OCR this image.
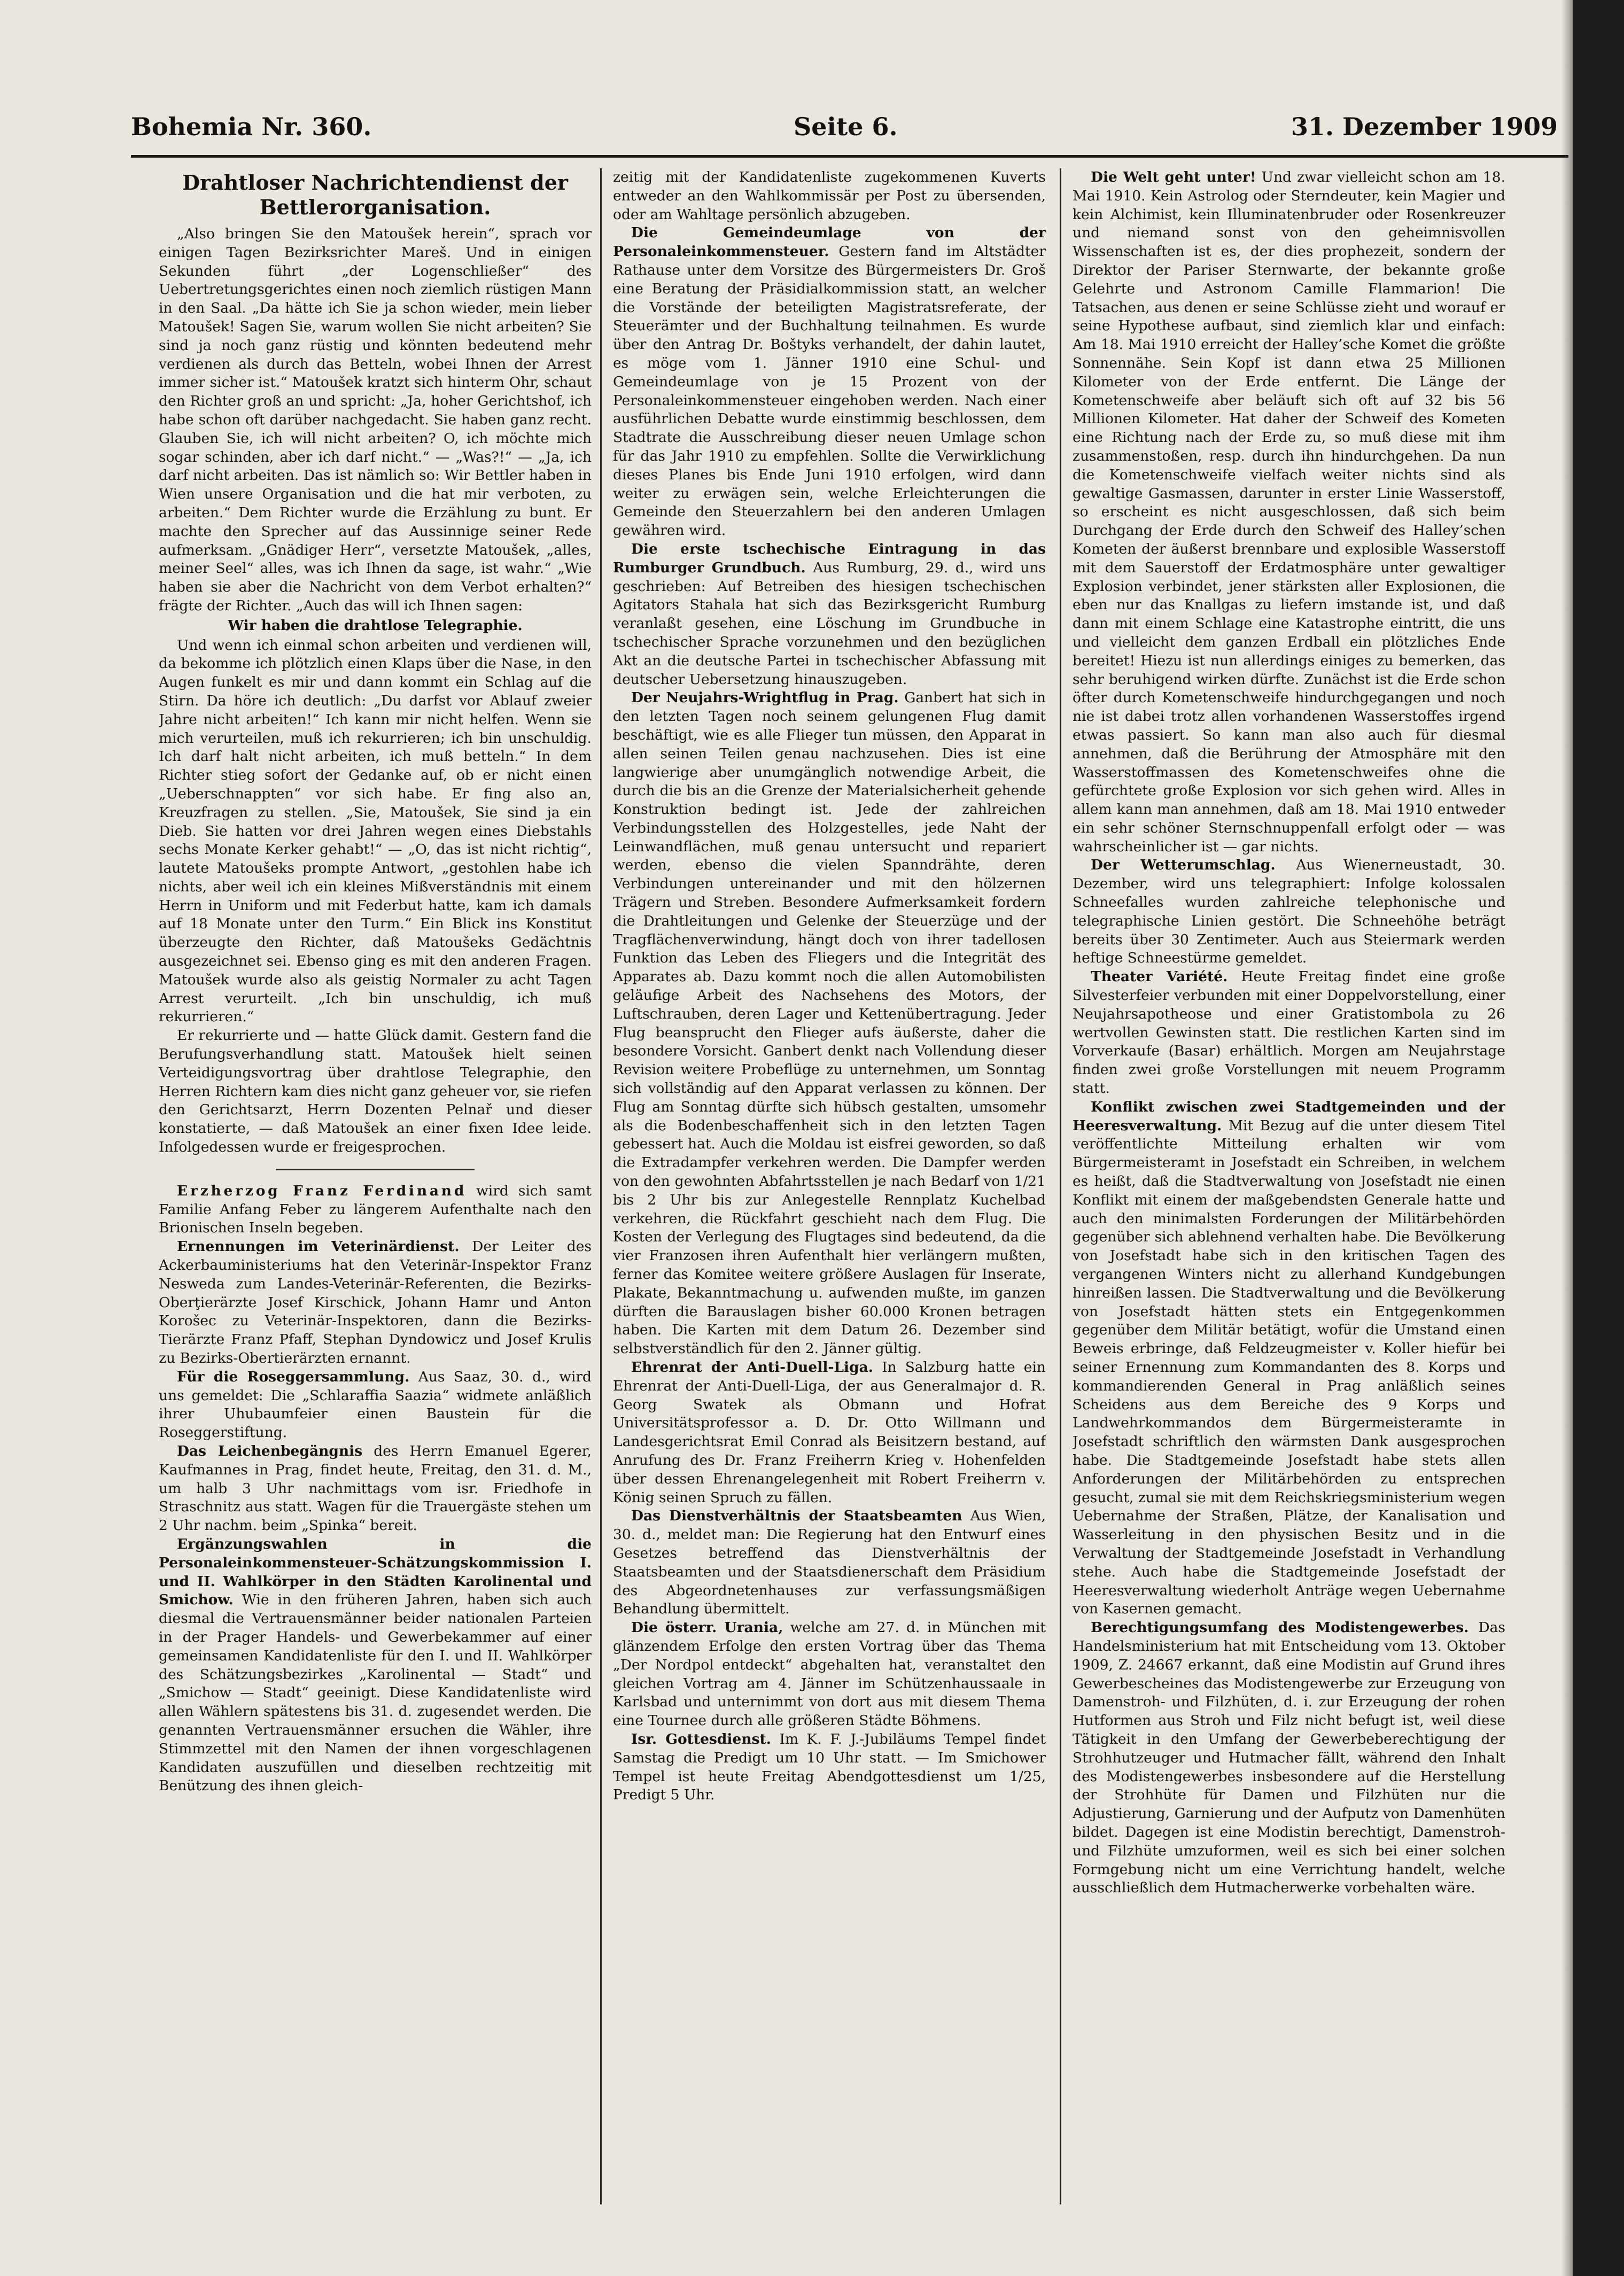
Bohemia Nr. 360.	Seite 6.	31. Dezember 1909
Drahtloser Nachrichtendienst der Bettlerorganisation.

„Also bringen Sie den Matoušek herein“, sprach vor einigen Tagen Bezirksrichter Mareš. Und in einigen Sekunden führt „der Logenschließer“ des Uebertretungsgerichtes einen noch ziemlich rüstigen Mann in den Saal. „Da hätte ich Sie ja schon wieder, mein lieber Matoušek! Sagen Sie, warum wollen Sie nicht arbeiten? Sie sind ja noch ganz rüstig und könnten bedeutend mehr verdienen als durch das Betteln, wobei Ihnen der Arrest immer sicher ist.“ Matoušek kratzt sich hinterm Ohr, schaut den Richter groß an und spricht: „Ja, hoher Gerichtshof, ich habe schon oft darüber nachgedacht. Sie haben ganz recht. Glauben Sie, ich will nicht arbeiten? O, ich möchte mich sogar schinden, aber ich darf nicht.“ — „Was?!“ — „Ja, ich darf nicht arbeiten. Das ist nämlich so: Wir Bettler haben in Wien unsere Organisation und die hat mir verboten, zu arbeiten.“ Dem Richter wurde die Erzählung zu bunt. Er machte den Sprecher auf das Aussinnige seiner Rede aufmerksam. „Gnädiger Herr“, versetzte Matoušek, „alles, meiner Seel“ alles, was ich Ihnen da sage, ist wahr.“ „Wie haben sie aber die Nachricht von dem Verbot erhalten?“ frägte der Richter. „Auch das will ich Ihnen sagen:

Wir haben die drahtlose Telegraphie.

Und wenn ich einmal schon arbeiten und verdienen will, da bekomme ich plötzlich einen Klaps über die Nase, in den Augen funkelt es mir und dann kommt ein Schlag auf die Stirn. Da höre ich deutlich: „Du darfst vor Ablauf zweier Jahre nicht arbeiten!“ Ich kann mir nicht helfen. Wenn sie mich verurteilen, muß ich rekurrieren; ich bin unschuldig. Ich darf halt nicht arbeiten, ich muß betteln.“ In dem Richter stieg sofort der Gedanke auf, ob er nicht einen „Ueberschnappten“ vor sich habe. Er fing also an, Kreuzfragen zu stellen. „Sie, Matoušek, Sie sind ja ein Dieb. Sie hatten vor drei Jahren wegen eines Diebstahls sechs Monate Kerker gehabt!“ — „O, das ist nicht richtig“, lautete Matoušeks prompte Antwort, „gestohlen habe ich nichts, aber weil ich ein kleines Mißverständnis mit einem Herrn in Uniform und mit Federbut hatte, kam ich damals auf 18 Monate unter den Turm.“ Ein Blick ins Konstitut überzeugte den Richter, daß Matoušeks Gedächtnis ausgezeichnet sei. Ebenso ging es mit den anderen Fragen. Matoušek wurde also als geistig Normaler zu acht Tagen Arrest verurteilt. „Ich bin unschuldig, ich muß rekurrieren.“

Er rekurrierte und — hatte Glück damit. Gestern fand die Berufungsverhandlung statt. Matoušek hielt seinen Verteidigungsvortrag über drahtlose Telegraphie, den Herren Richtern kam dies nicht ganz geheuer vor, sie riefen den Gerichtsarzt, Herrn Dozenten Pelnař und dieser konstatierte, — daß Matoušek an einer fixen Idee leide. Infolgedessen wurde er freigesprochen.

Erzherzog Franz Ferdinand wird sich samt Familie Anfang Feber zu längerem Aufenthalte nach den Brionischen Inseln begeben.

Ernennungen im Veterinärdienst. Der Leiter des Ackerbauministeriums hat den Veterinär-Inspektor Franz Nesweda zum Landes-Veterinär-Referenten, die Bezirks-Oberţierärzte Josef Kirschick, Johann Hamr und Anton Korošec zu Veterinär-Inspektoren, dann die Bezirks-Tierärzte Franz Pfaff, Stephan Dyndowicz und Josef Krulis zu Bezirks-Obertierärzten ernannt.

Für die Roseggersammlung. Aus Saaz, 30. d., wird uns gemeldet: Die „Schlaraffia Saazia“ widmete anläßlich ihrer Uhubaumfeier einen Baustein für die Roseggerstiftung.

Das Leichenbegängnis des Herrn Emanuel Egerer, Kaufmannes in Prag, findet heute, Freitag, den 31. d. M., um halb 3 Uhr nachmittags vom isr. Friedhofe in Straschnitz aus statt. Wagen für die Trauergäste stehen um 2 Uhr nachm. beim „Spinka“ bereit.

Ergänzungswahlen in die Personaleinkommensteuer-Schätzungskommission I. und II. Wahlkörper in den Städten Karolinental und Smichow. Wie in den früheren Jahren, haben sich auch diesmal die Vertrauensmänner beider nationalen Parteien in der Prager Handels- und Gewerbekammer auf einer gemeinsamen Kandidatenliste für den I. und II. Wahlkörper des Schätzungsbezirkes „Karolinental — Stadt“ und „Smichow — Stadt“ geeinigt. Diese Kandidatenliste wird allen Wählern spätestens bis 31. d. zugesendet werden. Die genannten Vertrauensmänner ersuchen die Wähler, ihre Stimmzettel mit den Namen der ihnen vorgeschlagenen Kandidaten auszufüllen und dieselben rechtzeitig mit Benützung des ihnen gleich-

zeitig mit der Kandidatenliste zugekommenen Kuverts entweder an den Wahlkommissär per Post zu übersenden, oder am Wahltage persönlich abzugeben.

Die Gemeindeumlage von der Personaleinkommensteuer. Gestern fand im Altstädter Rathause unter dem Vorsitze des Bürgermeisters Dr. Groš eine Beratung der Präsidialkommission statt, an welcher die Vorstände der beteiligten Magistratsreferate, der Steuerämter und der Buchhaltung teilnahmen. Es wurde über den Antrag Dr. Boštyks verhandelt, der dahin lautet, es möge vom 1. Jänner 1910 eine Schul- und Gemeindeumlage von je 15 Prozent von der Personaleinkommensteuer eingehoben werden. Nach einer ausführlichen Debatte wurde einstimmig beschlossen, dem Stadtrate die Ausschreibung dieser neuen Umlage schon für das Jahr 1910 zu empfehlen. Sollte die Verwirklichung dieses Planes bis Ende Juni 1910 erfolgen, wird dann weiter zu erwägen sein, welche Erleichterungen die Gemeinde den Steuerzahlern bei den anderen Umlagen gewähren wird.

Die erste tschechische Eintragung in das Rumburger Grundbuch. Aus Rumburg, 29. d., wird uns geschrieben: Auf Betreiben des hiesigen tschechischen Agitators Stahala hat sich das Bezirksgericht Rumburg veranlaßt gesehen, eine Löschung im Grundbuche in tschechischer Sprache vorzunehmen und den bezüglichen Akt an die deutsche Partei in tschechischer Abfassung mit deutscher Uebersetzung hinauszugeben.

Der Neujahrs-Wrightflug in Prag. Ganbert hat sich in den letzten Tagen noch seinem gelungenen Flug damit beschäftigt, wie es alle Flieger tun müssen, den Apparat in allen seinen Teilen genau nachzusehen. Dies ist eine langwierige aber unumgänglich notwendige Arbeit, die durch die bis an die Grenze der Materialsicherheit gehende Konstruktion bedingt ist. Jede der zahlreichen Verbindungsstellen des Holzgestelles, jede Naht der Leinwandflächen, muß genau untersucht und repariert werden, ebenso die vielen Spanndrähte, deren Verbindungen untereinander und mit den hölzernen Trägern und Streben. Besondere Aufmerksamkeit fordern die Drahtleitungen und Gelenke der Steuerzüge und der Tragflächenverwindung, hängt doch von ihrer tadellosen Funktion das Leben des Fliegers und die Integrität des Apparates ab. Dazu kommt noch die allen Automobilisten geläufige Arbeit des Nachsehens des Motors, der Luftschrauben, deren Lager und Kettenübertragung. Jeder Flug beansprucht den Flieger aufs äußerste, daher die besondere Vorsicht. Ganbert denkt nach Vollendung dieser Revision weitere Probeflüge zu unternehmen, um Sonntag sich vollständig auf den Apparat verlassen zu können. Der Flug am Sonntag dürfte sich hübsch gestalten, umsomehr als die Bodenbeschaffenheit sich in den letzten Tagen gebessert hat. Auch die Moldau ist eisfrei geworden, so daß die Extradampfer verkehren werden. Die Dampfer werden von den gewohnten Abfahrtsstellen je nach Bedarf von 1/21 bis 2 Uhr bis zur Anlegestelle Rennplatz Kuchelbad verkehren, die Rückfahrt geschieht nach dem Flug. Die Kosten der Verlegung des Flugtages sind bedeutend, da die vier Franzosen ihren Aufenthalt hier verlängern mußten, ferner das Komitee weitere größere Auslagen für Inserate, Plakate, Bekanntmachung u. aufwenden mußte, im ganzen dürften die Barauslagen bisher 60.000 Kronen betragen haben. Die Karten mit dem Datum 26. Dezember sind selbstverständlich für den 2. Jänner gültig.

Ehrenrat der Anti-Duell-Liga. In Salzburg hatte ein Ehrenrat der Anti-Duell-Liga, der aus Generalmajor d. R. Georg Swatek als Obmann und Hofrat Universitätsprofessor a. D. Dr. Otto Willmann und Landesgerichtsrat Emil Conrad als Beisitzern bestand, auf Anrufung des Dr. Franz Freiherrn Krieg v. Hohenfelden über dessen Ehrenangelegenheit mit Robert Freiherrn v. König seinen Spruch zu fällen.

Das Dienstverhältnis der Staatsbeamten Aus Wien, 30. d., meldet man: Die Regierung hat den Entwurf eines Gesetzes betreffend das Dienstverhältnis der Staatsbeamten und der Staatsdienerschaft dem Präsidium des Abgeordnetenhauses zur verfassungsmäßigen Behandlung übermittelt.

Die österr. Urania, welche am 27. d. in München mit glänzendem Erfolge den ersten Vortrag über das Thema „Der Nordpol entdeckt“ abgehalten hat, veranstaltet den gleichen Vortrag am 4. Jänner im Schützenhaussaale in Karlsbad und unternimmt von dort aus mit diesem Thema eine Tournee durch alle größeren Städte Böhmens.

Isr. Gottesdienst. Im K. F. J.-Jubiläums Tempel findet Samstag die Predigt um 10 Uhr statt. — Im Smichower Tempel ist heute Freitag Abendgottesdienst um 1/25, Predigt 5 Uhr.

Die Welt geht unter! Und zwar vielleicht schon am 18. Mai 1910. Kein Astrolog oder Sterndeuter, kein Magier und kein Alchimist, kein Illuminatenbruder oder Rosenkreuzer und niemand sonst von den geheimnisvollen Wissenschaften ist es, der dies prophezeit, sondern der Direktor der Pariser Sternwarte, der bekannte große Gelehrte und Astronom Camille Flammarion! Die Tatsachen, aus denen er seine Schlüsse zieht und worauf er seine Hypothese aufbaut, sind ziemlich klar und einfach: Am 18. Mai 1910 erreicht der Halley’sche Komet die größte Sonnennähe. Sein Kopf ist dann etwa 25 Millionen Kilometer von der Erde entfernt. Die Länge der Kometenschweife aber beläuft sich oft auf 32 bis 56 Millionen Kilometer. Hat daher der Schweif des Kometen eine Richtung nach der Erde zu, so muß diese mit ihm zusammenstoßen, resp. durch ihn hindurchgehen. Da nun die Kometenschweife vielfach weiter nichts sind als gewaltige Gasmassen, darunter in erster Linie Wasserstoff, so erscheint es nicht ausgeschlossen, daß sich beim Durchgang der Erde durch den Schweif des Halley’schen Kometen der äußerst brennbare und explosible Wasserstoff mit dem Sauerstoff der Erdatmosphäre unter gewaltiger Explosion verbindet, jener stärksten aller Explosionen, die eben nur das Knallgas zu liefern imstande ist, und daß dann mit einem Schlage eine Katastrophe eintritt, die uns und vielleicht dem ganzen Erdball ein plötzliches Ende bereitet! Hiezu ist nun allerdings einiges zu bemerken, das sehr beruhigend wirken dürfte. Zunächst ist die Erde schon öfter durch Kometenschweife hindurchgegangen und noch nie ist dabei trotz allen vorhandenen Wasserstoffes irgend etwas passiert. So kann man also auch für diesmal annehmen, daß die Berührung der Atmosphäre mit den Wasserstoffmassen des Kometenschweifes ohne die gefürchtete große Explosion vor sich gehen wird. Alles in allem kann man annehmen, daß am 18. Mai 1910 entweder ein sehr schöner Sternschnuppenfall erfolgt oder — was wahrscheinlicher ist — gar nichts.

Der Wetterumschlag. Aus Wienerneustadt, 30. Dezember, wird uns telegraphiert: Infolge kolossalen Schneefalles wurden zahlreiche telephonische und telegraphische Linien gestört. Die Schneehöhe beträgt bereits über 30 Zentimeter. Auch aus Steiermark werden heftige Schneestürme gemeldet.

Theater Variété. Heute Freitag findet eine große Silvesterfeier verbunden mit einer Doppelvorstellung, einer Neujahrsapotheose und einer Gratistombola zu 26 wertvollen Gewinsten statt. Die restlichen Karten sind im Vorverkaufe (Basar) erhältlich. Morgen am Neujahrstage finden zwei große Vorstellungen mit neuem Programm statt.

Konflikt zwischen zwei Stadtgemeinden und der Heeresverwaltung. Mit Bezug auf die unter diesem Titel veröffentlichte Mitteilung erhalten wir vom Bürgermeisteramt in Josefstadt ein Schreiben, in welchem es heißt, daß die Stadtverwaltung von Josefstadt nie einen Konflikt mit einem der maßgebendsten Generale hatte und auch den minimalsten Forderungen der Militärbehörden gegenüber sich ablehnend verhalten habe. Die Bevölkerung von Josefstadt habe sich in den kritischen Tagen des vergangenen Winters nicht zu allerhand Kundgebungen hinreißen lassen. Die Stadtverwaltung und die Bevölkerung von Josefstadt hätten stets ein Entgegenkommen gegenüber dem Militär betätigt, wofür die Umstand einen Beweis erbringe, daß Feldzeugmeister v. Koller hiefür bei seiner Ernennung zum Kommandanten des 8. Korps und kommandierenden General in Prag anläßlich seines Scheidens aus dem Bereiche des 9 Korps und Landwehrkommandos dem Bürgermeisteramte in Josefstadt schriftlich den wärmsten Dank ausgesprochen habe. Die Stadtgemeinde Josefstadt habe stets allen Anforderungen der Militärbehörden zu entsprechen gesucht, zumal sie mit dem Reichskriegsministerium wegen Uebernahme der Straßen, Plätze, der Kanalisation und Wasserleitung in den physischen Besitz und in die Verwaltung der Stadtgemeinde Josefstadt in Verhandlung stehe. Auch habe die Stadtgemeinde Josefstadt der Heeresverwaltung wiederholt Anträge wegen Uebernahme von Kasernen gemacht.

Berechtigungsumfang des Modistengewerbes. Das Handelsministerium hat mit Entscheidung vom 13. Oktober 1909, Z. 24667 erkannt, daß eine Modistin auf Grund ihres Gewerbescheines das Modistengewerbe zur Erzeugung von Damenstroh- und Filzhüten, d. i. zur Erzeugung der rohen Hutformen aus Stroh und Filz nicht befugt ist, weil diese Tätigkeit in den Umfang der Gewerbeberechtigung der Strohhutzeuger und Hutmacher fällt, während den Inhalt des Modistengewerbes insbesondere auf die Herstellung der Strohhüte für Damen und Filzhüten nur die Adjustierung, Garnierung und der Aufputz von Damenhüten bildet. Dagegen ist eine Modistin berechtigt, Damenstroh- und Filzhüte umzuformen, weil es sich bei einer solchen Formgebung nicht um eine Verrichtung handelt, welche ausschließlich dem Hutmacherwerke vorbehalten wäre.
